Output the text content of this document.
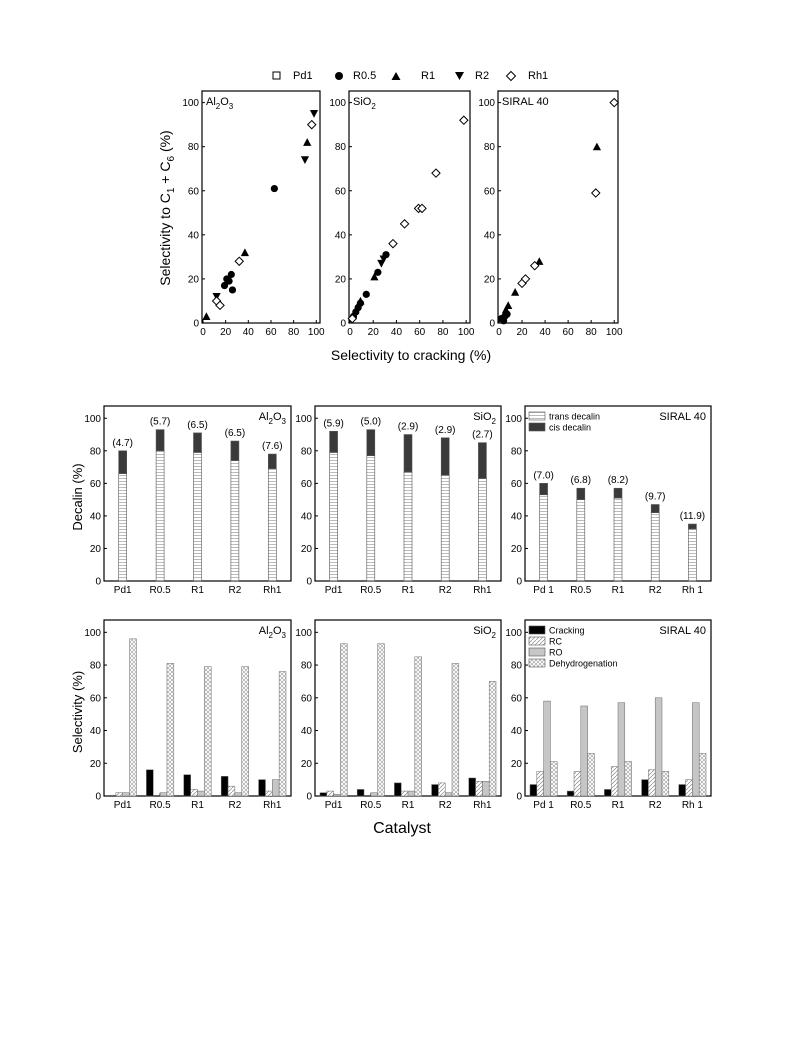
Pd1	R0.5	R1	R2	Rh1
Selectivity to $C_1 + C_6$ (%)
Selectivity to cracking (%)
Decalin (%)
Selectivity (%)
Catalyst
$Al_2O_3$
0
20
40
60
80
100
0 20 40 60 80 100
SiO$_2$
0
20
40
60
80
100
0 20 40 60 80 100
SIRAL 40
0
20
40
60
80
100
0 20 40 60 80 100
$Al_2O_3$
0
20
40
60
80
100
Pd1 R0.5 R1 R2 Rh1
(4.7)
(5.7) (6.5)
(6.5)
(7.6)
SiO$_2$
0
20
40
60
80
100
Pd1 R0.5 R1 R2 Rh1
(5.9) (5.0) (2.9) (2.9) (2.7)
SIRAL 40
0
20
40
60
80
100
Pd 1 R0.5 R1 R2 Rh 1
(7.0) (6.8) (8.2)
(9.7)
(11.9)
trans decalin
cis decalin
$Al_2O_3$
0
20
40
60
80
100
Pd1 R0.5 R1 R2 Rh1
SiO$_2$
0
20
40
60
80
100
Pd1 R0.5 R1 R2 Rh1
SIRAL 40
0
20
40
60
80
100
Pd 1 R0.5 R1 R2 Rh 1
Cracking
RC
RO
Dehydrogenation
